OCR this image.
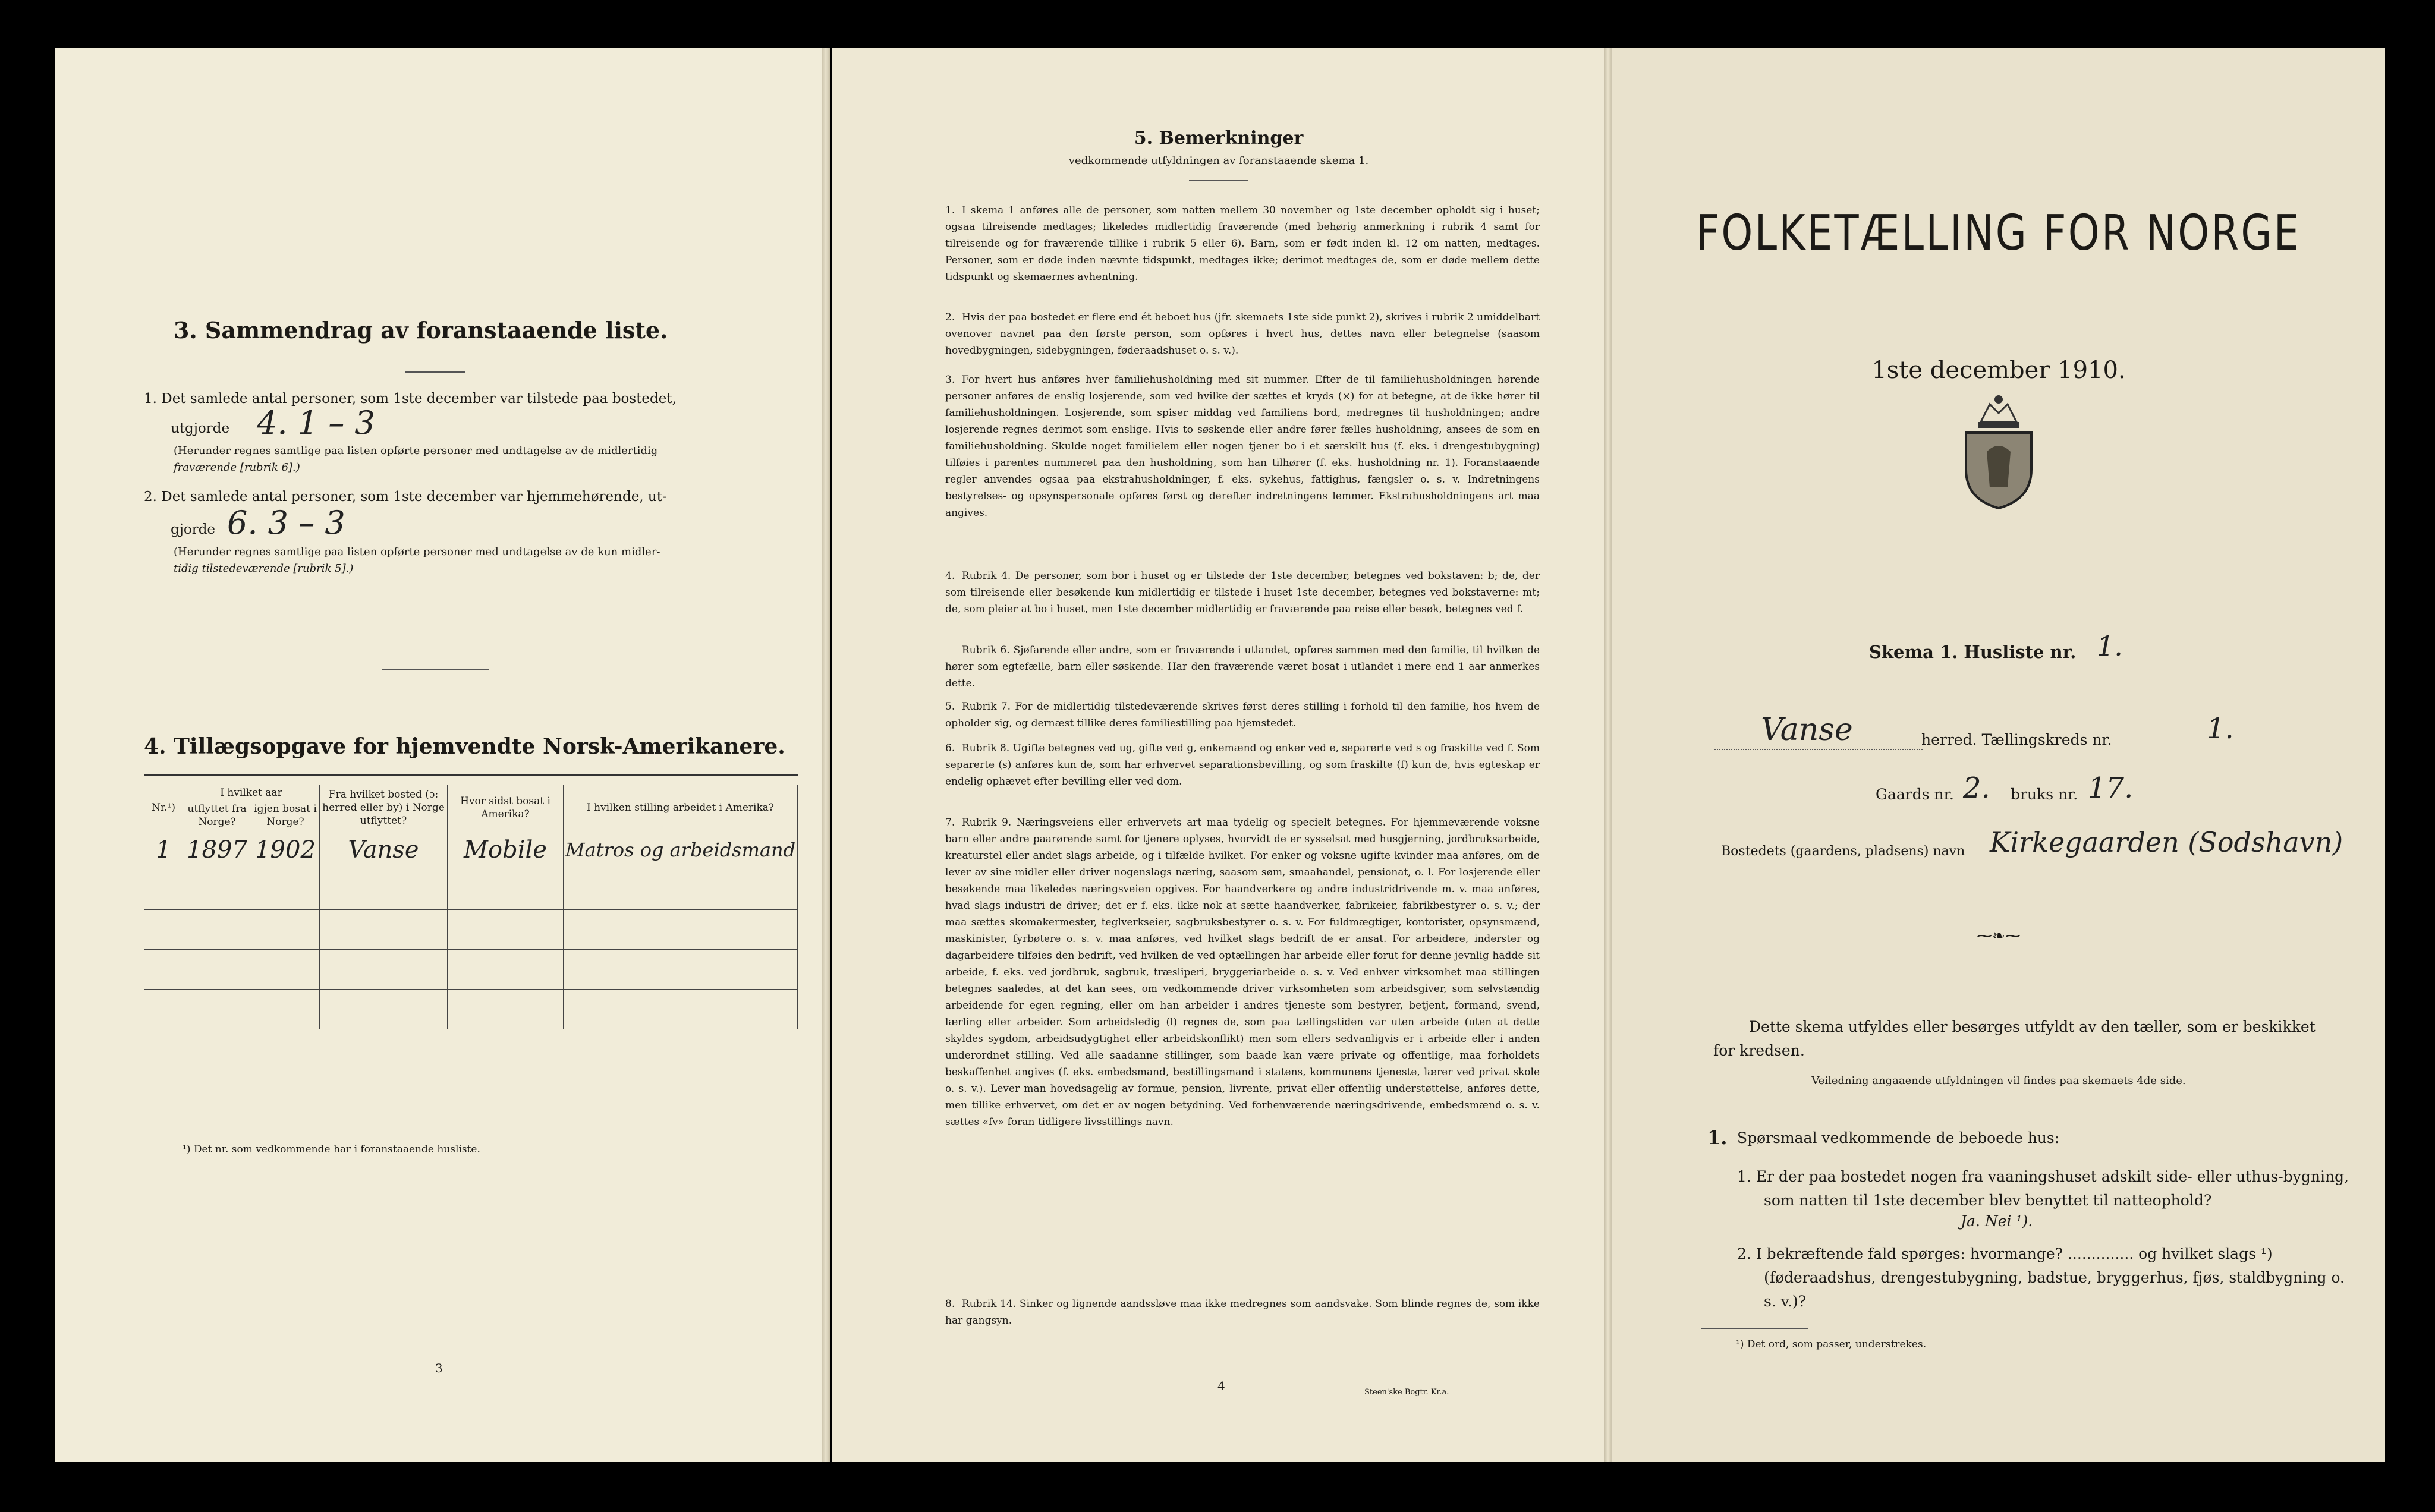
3. Sammendrag av foranstaaende liste.
1. Det samlede antal personer, som 1ste december var tilstede paa bostedet,
utgjorde 4. 1 – 3
(Herunder regnes samtlige paa listen opførte personer med undtagelse av de midlertidig
fraværende [rubrik 6].)
2. Det samlede antal personer, som 1ste december var hjemmehørende, ut-
gjorde 6. 3 – 3
(Herunder regnes samtlige paa listen opførte personer med undtagelse av de kun midler-
tidig tilstedeværende [rubrik 5].)
4. Tillægsopgave for hjemvendte Norsk-Amerikanere.
Nr.¹)	I hvilket aar		Fra hvilket bosted (ↄ: herred eller by) i Norge utflyttet?	Hvor sidst bosat i Amerika?	I hvilken stilling arbeidet i Amerika?
	utflyttet fra Norge?	igjen bosat i Norge?			
1	1897	1902	Vanse	Mobile	Matros og arbeidsmand

¹) Det nr. som vedkommende har i foranstaaende husliste.
3
5. Bemerkninger
vedkommende utfyldningen av foranstaaende skema 1.
1. I skema 1 anføres alle de personer, som natten mellem 30 november og 1ste december opholdt sig i huset; ogsaa tilreisende medtages; likeledes midlertidig fraværende (med behørig anmerkning i rubrik 4 samt for tilreisende og for fraværende tillike i rubrik 5 eller 6). Barn, som er født inden kl. 12 om natten, medtages. Personer, som er døde inden nævnte tidspunkt, medtages ikke; derimot medtages de, som er døde mellem dette tidspunkt og skemaernes avhentning.
2. Hvis der paa bostedet er flere end ét beboet hus (jfr. skemaets 1ste side punkt 2), skrives i rubrik 2 umiddelbart ovenover navnet paa den første person, som opføres i hvert hus, dettes navn eller betegnelse (saasom hovedbygningen, sidebygningen, føderaadshuset o. s. v.).
3. For hvert hus anføres hver familiehusholdning med sit nummer. Efter de til familiehusholdningen hørende personer anføres de enslig losjerende, som ved hvilke der sættes et kryds (×) for at betegne, at de ikke hører til familiehusholdningen. Losjerende, som spiser middag ved familiens bord, medregnes til husholdningen; andre losjerende regnes derimot som enslige. Hvis to søskende eller andre fører fælles husholdning, ansees de som en familiehusholdning. Skulde noget familielem eller nogen tjener bo i et særskilt hus (f. eks. i drengestubygning) tilføies i parentes nummeret paa den husholdning, som han tilhører (f. eks. husholdning nr. 1). Foranstaaende regler anvendes ogsaa paa ekstrahusholdninger, f. eks. sykehus, fattighus, fængsler o. s. v. Indretningens bestyrelses- og opsynspersonale opføres først og derefter indretningens lemmer. Ekstrahusholdningens art maa angives.
4. Rubrik 4. De personer, som bor i huset og er tilstede der 1ste december, betegnes ved bokstaven: b; de, der som tilreisende eller besøkende kun midlertidig er tilstede i huset 1ste december, betegnes ved bokstaverne: mt; de, som pleier at bo i huset, men 1ste december midlertidig er fraværende paa reise eller besøk, betegnes ved f.
Rubrik 6. Sjøfarende eller andre, som er fraværende i utlandet, opføres sammen med den familie, til hvilken de hører som egtefælle, barn eller søskende. Har den fraværende været bosat i utlandet i mere end 1 aar anmerkes dette.
5. Rubrik 7. For de midlertidig tilstedeværende skrives først deres stilling i forhold til den familie, hos hvem de opholder sig, og dernæst tillike deres familiestilling paa hjemstedet.
6. Rubrik 8. Ugifte betegnes ved ug, gifte ved g, enkemænd og enker ved e, separerte ved s og fraskilte ved f. Som separerte (s) anføres kun de, som har erhvervet separationsbevilling, og som fraskilte (f) kun de, hvis egteskap er endelig ophævet efter bevilling eller ved dom.
7. Rubrik 9. Næringsveiens eller erhvervets art maa tydelig og specielt betegnes. For hjemmeværende voksne barn eller andre paarørende samt for tjenere oplyses, hvorvidt de er sysselsat med husgjerning, jordbruksarbeide, kreaturstel eller andet slags arbeide, og i tilfælde hvilket. For enker og voksne ugifte kvinder maa anføres, om de lever av sine midler eller driver nogenslags næring, saasom søm, smaahandel, pensionat, o. l. For losjerende eller besøkende maa likeledes næringsveien opgives. For haandverkere og andre industridrivende m. v. maa anføres, hvad slags industri de driver; det er f. eks. ikke nok at sætte haandverker, fabrikeier, fabrikbestyrer o. s. v.; der maa sættes skomakermester, teglverkseier, sagbruksbestyrer o. s. v. For fuldmægtiger, kontorister, opsynsmænd, maskinister, fyrbøtere o. s. v. maa anføres, ved hvilket slags bedrift de er ansat. For arbeidere, inderster og dagarbeidere tilføies den bedrift, ved hvilken de ved optællingen har arbeide eller forut for denne jevnlig hadde sit arbeide, f. eks. ved jordbruk, sagbruk, træsliperi, bryggeriarbeide o. s. v. Ved enhver virksomhet maa stillingen betegnes saaledes, at det kan sees, om vedkommende driver virksomheten som arbeidsgiver, som selvstændig arbeidende for egen regning, eller om han arbeider i andres tjeneste som bestyrer, betjent, formand, svend, lærling eller arbeider. Som arbeidsledig (l) regnes de, som paa tællingstiden var uten arbeide (uten at dette skyldes sygdom, arbeidsudygtighet eller arbeidskonflikt) men som ellers sedvanligvis er i arbeide eller i anden underordnet stilling. Ved alle saadanne stillinger, som baade kan være private og offentlige, maa forholdets beskaffenhet angives (f. eks. embedsmand, bestillingsmand i statens, kommunens tjeneste, lærer ved privat skole o. s. v.). Lever man hovedsagelig av formue, pension, livrente, privat eller offentlig understøttelse, anføres dette, men tillike erhvervet, om det er av nogen betydning. Ved forhenværende næringsdrivende, embedsmænd o. s. v. sættes «fv» foran tidligere livsstillings navn.
8. Rubrik 14. Sinker og lignende aandssløve maa ikke medregnes som aandsvake. Som blinde regnes de, som ikke har gangsyn.
4	Steen'ske Bogtr. Kr.a.
FOLKETÆLLING FOR NORGE
1ste december 1910.
Skema 1. Husliste nr. 1.
Vanse	herred. Tællingskreds nr.	1.
Gaards nr. 2. bruks nr. 17.
Bostedets (gaardens, pladsens) navn Kirkegaarden (Sodshavn)
⁓❧⁓
Dette skema utfyldes eller besørges utfyldt av den tæller, som er beskikket for kredsen.
Veiledning angaaende utfyldningen vil findes paa skemaets 4de side.
1. Spørsmaal vedkommende de beboede hus:
1. Er der paa bostedet nogen fra vaaningshuset adskilt side- eller uthus-bygning, som natten til 1ste december blev benyttet til natteophold?
Ja. Nei ¹).
2. I bekræftende fald spørges: hvormange? .............. og hvilket slags ¹) (føderaadshus, drengestubygning, badstue, bryggerhus, fjøs, staldbygning o. s. v.)?
¹) Det ord, som passer, understrekes.
